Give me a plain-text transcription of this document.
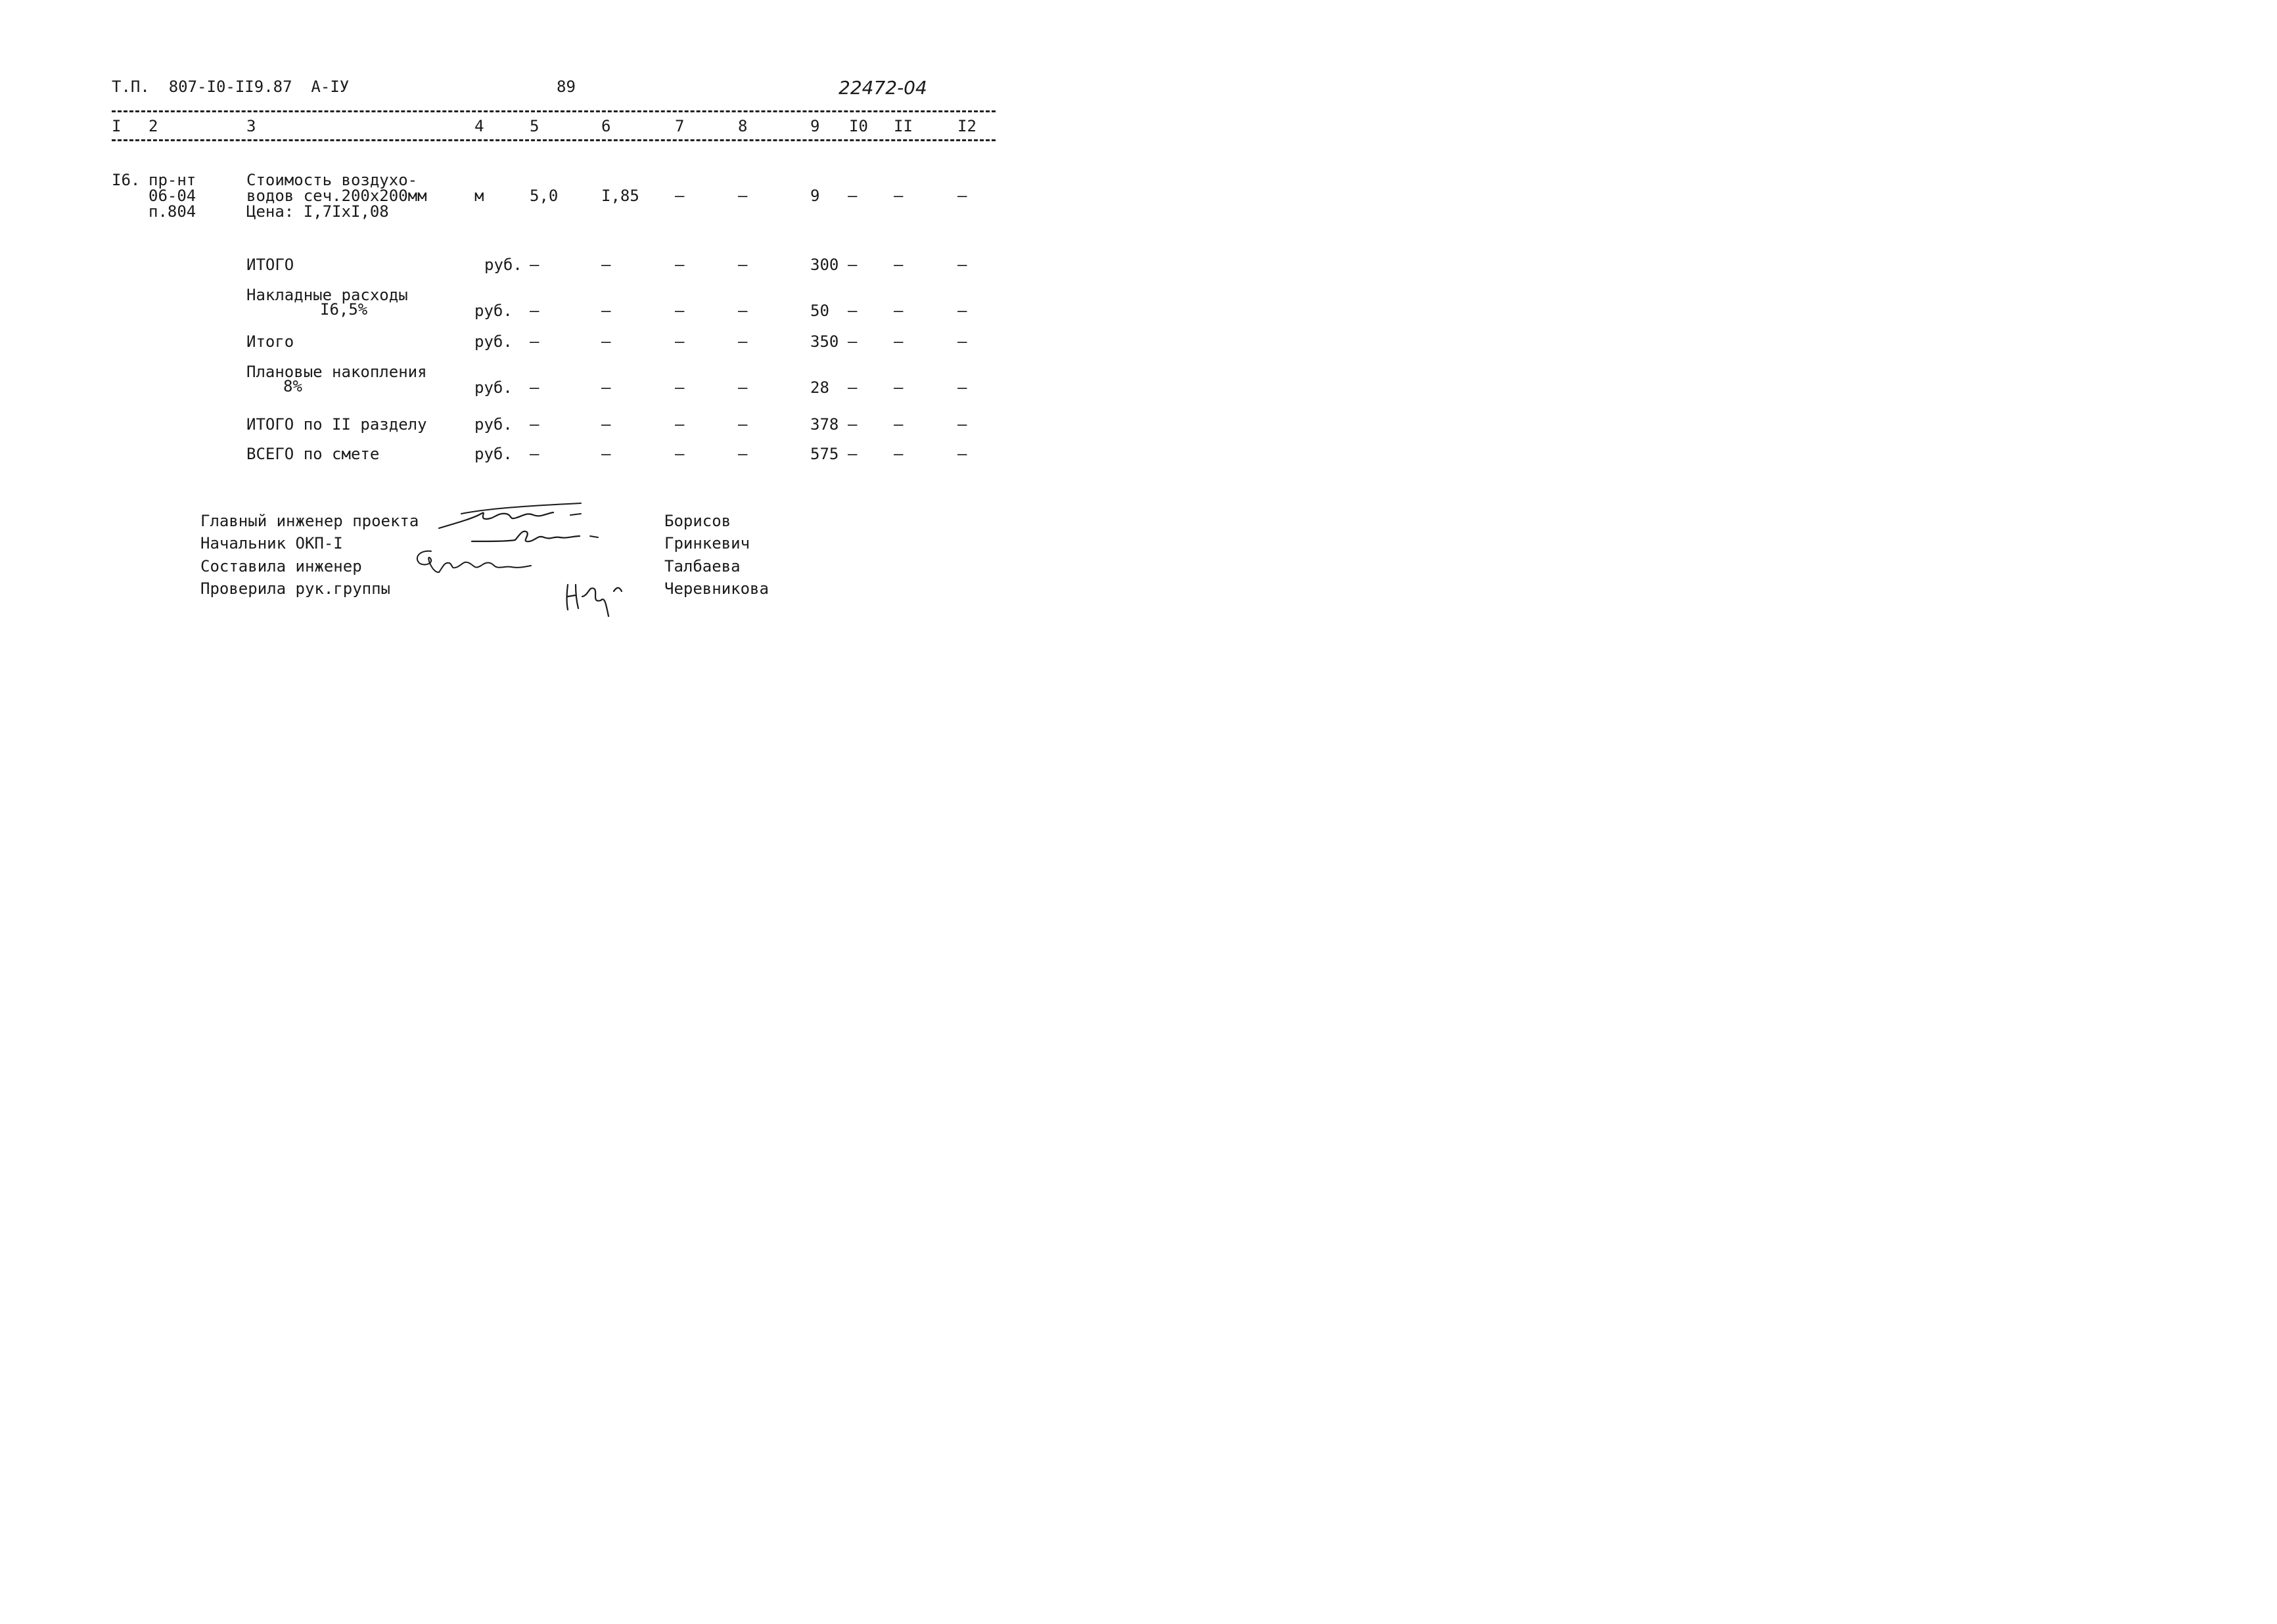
Т.П.  807-I0-II9.87  А-IУ	89	22472-04
I 2	3	4	5	6	7	8	9 I0 II	I2
I6. пр-нт
06-04
п.804
Стоимость воздухо-
водов сеч.200х200мм
Цена: I,7IхI,08
м	5,0	I,85 –	–	9 – –	–
ИТОГО	руб. –	–	–	–	300 – –	–
Накладные расходы
I6,5%	руб. –	–	–	–	50 – –	–
Итого	руб. –	–	–	–	350 – –	–
Плановые накопления
8%	руб. –	–	–	–	28 – –	–
ИТОГО по II разделу	руб. –	–	–	–	378 – –	–
ВСЕГО по смете	руб. –	–	–	–	575 – –	–
Главный инженер проекта	Борисов
Начальник ОКП-I	Гринкевич
Составила инженер	Талбаева
Проверила рук.группы	Черевникова
